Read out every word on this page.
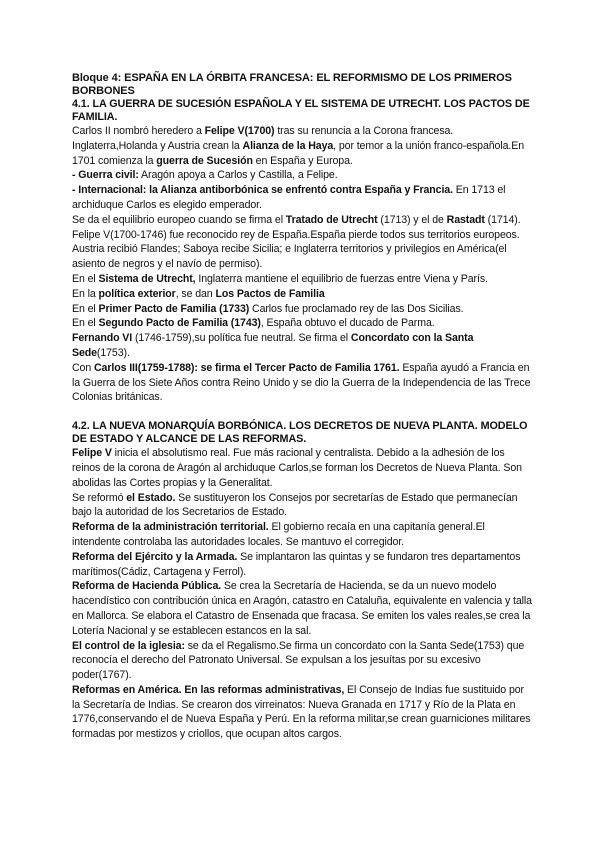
Bloque 4: ESPAÑA EN LA ÓRBITA FRANCESA: EL REFORMISMO DE LOS PRIMEROS BORBONES
4.1. LA GUERRA DE SUCESIÓN ESPAÑOLA Y EL SISTEMA DE UTRECHT. LOS PACTOS DE FAMILIA.

Carlos II nombró heredero a Felipe V(1700) tras su renuncia a la Corona francesa. Inglaterra,Holanda y Austria crean la Alianza de la Haya, por temor a la unión franco-española.En 1701 comienza la guerra de Sucesión en España y Europa.

- Guerra civil: Aragón apoya a Carlos y Castilla, a Felipe.

- Internacional: la Alianza antiborbónica se enfrentó contra España y Francia. En 1713 el archiduque Carlos es elegido emperador.

Se da el equilibrio europeo cuando se firma el Tratado de Utrecht (1713) y el de Rastadt (1714). Felipe V(1700-1746) fue reconocido rey de España.España pierde todos sus territorios europeos. Austria recibió Flandes; Saboya recibe Sicilia; e Inglaterra territorios y privilegios en América(el asiento de negros y el navío de permiso).

En el Sistema de Utrecht, Inglaterra mantiene el equilibrio de fuerzas entre Viena y París.

En la política exterior, se dan Los Pactos de Familia

En el Primer Pacto de Familia (1733) Carlos fue proclamado rey de las Dos Sicilias.

En el Segundo Pacto de Familia (1743), España obtuvo el ducado de Parma.

Fernando VI (1746-1759),su política fue neutral. Se firma el Concordato con la Santa Sede(1753).

Con Carlos III(1759-1788): se firma el Tercer Pacto de Familia 1761. España ayudó a Francia en la Guerra de los Siete Años contra Reino Unido y se dio la Guerra de la Independencia de las Trece Colonias británicas.

4.2. LA NUEVA MONARQUÍA BORBÓNICA. LOS DECRETOS DE NUEVA PLANTA. MODELO DE ESTADO Y ALCANCE DE LAS REFORMAS.

Felipe V inicia el absolutismo real. Fue más racional y centralista. Debido a la adhesión de los reinos de la corona de Aragón al archiduque Carlos,se forman los Decretos de Nueva Planta. Son abolidas las Cortes propias y la Generalitat.

Se reformó el Estado. Se sustituyeron los Consejos por secretarías de Estado que permanecían bajo la autoridad de los Secretarios de Estado.

Reforma de la administración territorial. El gobierno recaía en una capitanía general.El intendente controlaba las autoridades locales. Se mantuvo el corregidor.

Reforma del Ejército y la Armada. Se implantaron las quintas y se fundaron tres departamentos marítimos(Cádiz, Cartagena y Ferrol).

Reforma de Hacienda Pública. Se crea la Secretaría de Hacienda, se da un nuevo modelo hacendístico con contribución única en Aragón, catastro en Cataluña, equivalente en valencia y talla en Mallorca. Se elabora el Catastro de Ensenada que fracasa. Se emiten los vales reales,se crea la Lotería Nacional y se establecen estancos en la sal.

El control de la iglesia: se da el Regalismo.Se firma un concordato con la Santa Sede(1753) que reconocía el derecho del Patronato Universal. Se expulsan a los jesuítas por su excesivo poder(1767).

Reformas en América. En las reformas administrativas, El Consejo de Indias fue sustituido por la Secretaría de Indias. Se crearon dos virreinatos: Nueva Granada en 1717 y Río de la Plata en 1776,conservando el de Nueva España y Perú. En la reforma militar,se crean guarniciones militares formadas por mestizos y criollos, que ocupan altos cargos.
